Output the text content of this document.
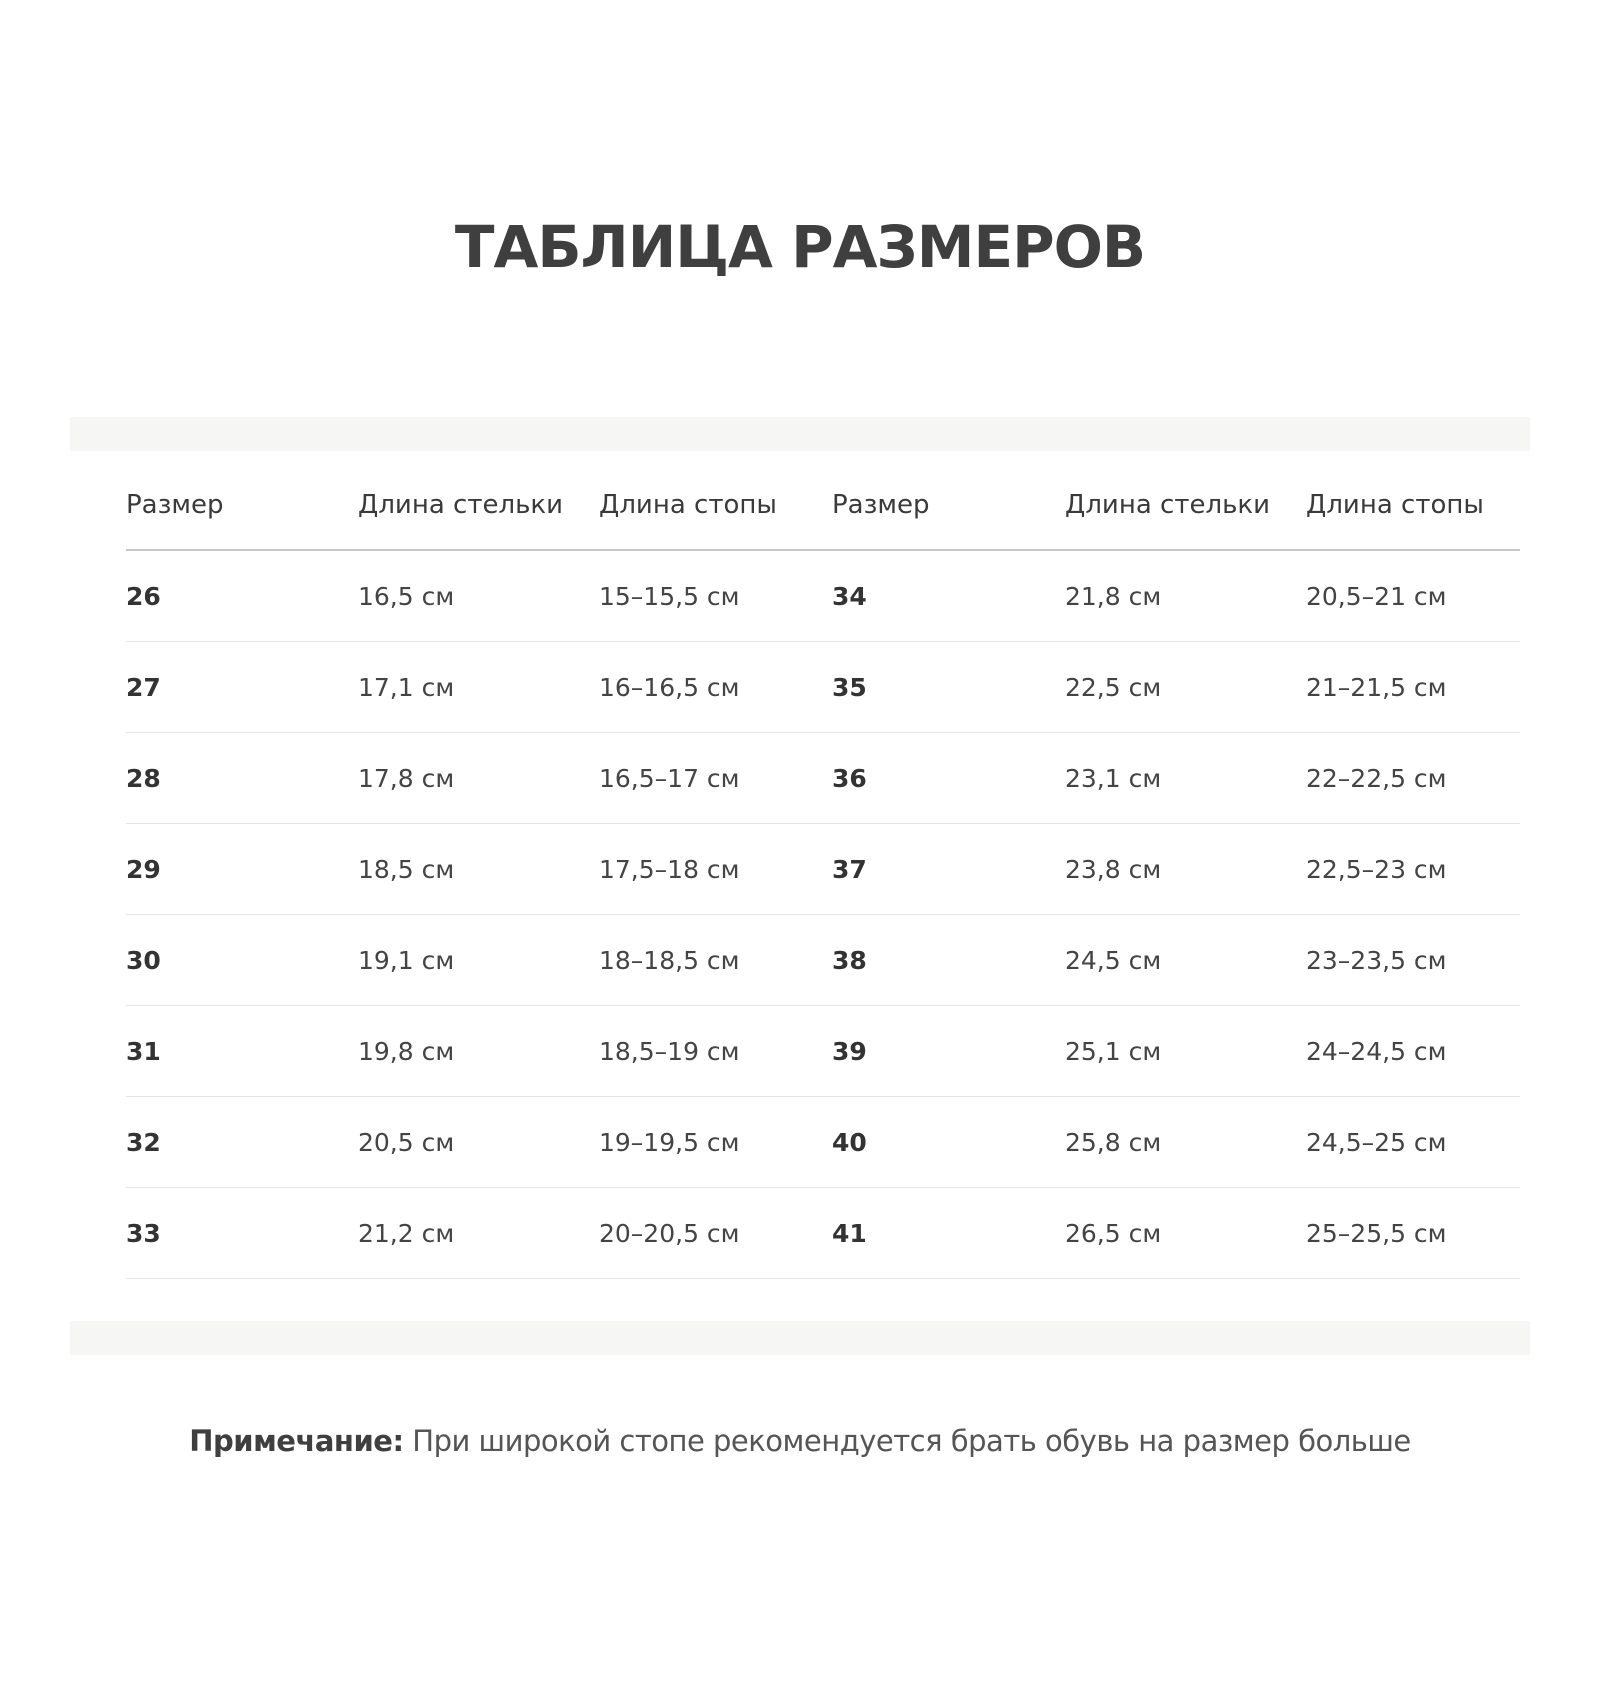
ТАБЛИЦА РАЗМЕРОВ
Размер	Длина стельки	Длина стопы	Размер	Длина стельки	Длина стопы
26	16,5 см	15–15,5 см	34	21,8 см	20,5–21 см
27	17,1 см	16–16,5 см	35	22,5 см	21–21,5 см
28	17,8 см	16,5–17 см	36	23,1 см	22–22,5 см
29	18,5 см	17,5–18 см	37	23,8 см	22,5–23 см
30	19,1 см	18–18,5 см	38	24,5 см	23–23,5 см
31	19,8 см	18,5–19 см	39	25,1 см	24–24,5 см
32	20,5 см	19–19,5 см	40	25,8 см	24,5–25 см
33	21,2 см	20–20,5 см	41	26,5 см	25–25,5 см

Примечание: При широкой стопе рекомендуется брать обувь на размер больше
